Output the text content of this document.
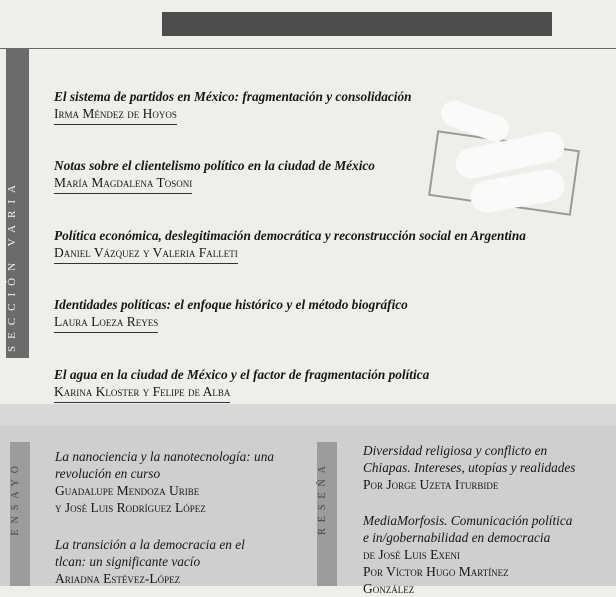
SECCIÓN VARIA
El sistema de partidos en México: fragmentación y consolidación
Irma Méndez de Hoyos
Notas sobre el clientelismo político en la ciudad de México
María Magdalena Tosoni
Política económica, deslegitimación democrática y reconstrucción social en Argentina
Daniel Vázquez y Valeria Falleti
Identidades políticas: el enfoque histórico y el método biográfico
Laura Loeza Reyes
El agua en la ciudad de México y el factor de fragmentación política
Karina Kloster y Felipe de Alba
ENSAYO
La nanociencia y la nanotecnología: una
revolución en curso
Guadalupe Mendoza Uribe
y José Luis Rodríguez López
La transición a la democracia en el
tlcan: un significante vacío
Ariadna Estévez-López
RESEÑA
Diversidad religiosa y conflicto en
Chiapas. Intereses, utopías y realidades
Por Jorge Uzeta Iturbide
MediaMorfosis. Comunicación política
e in/gobernabilidad en democracia
de José Luis Exeni
Por Víctor Hugo Martínez
González
